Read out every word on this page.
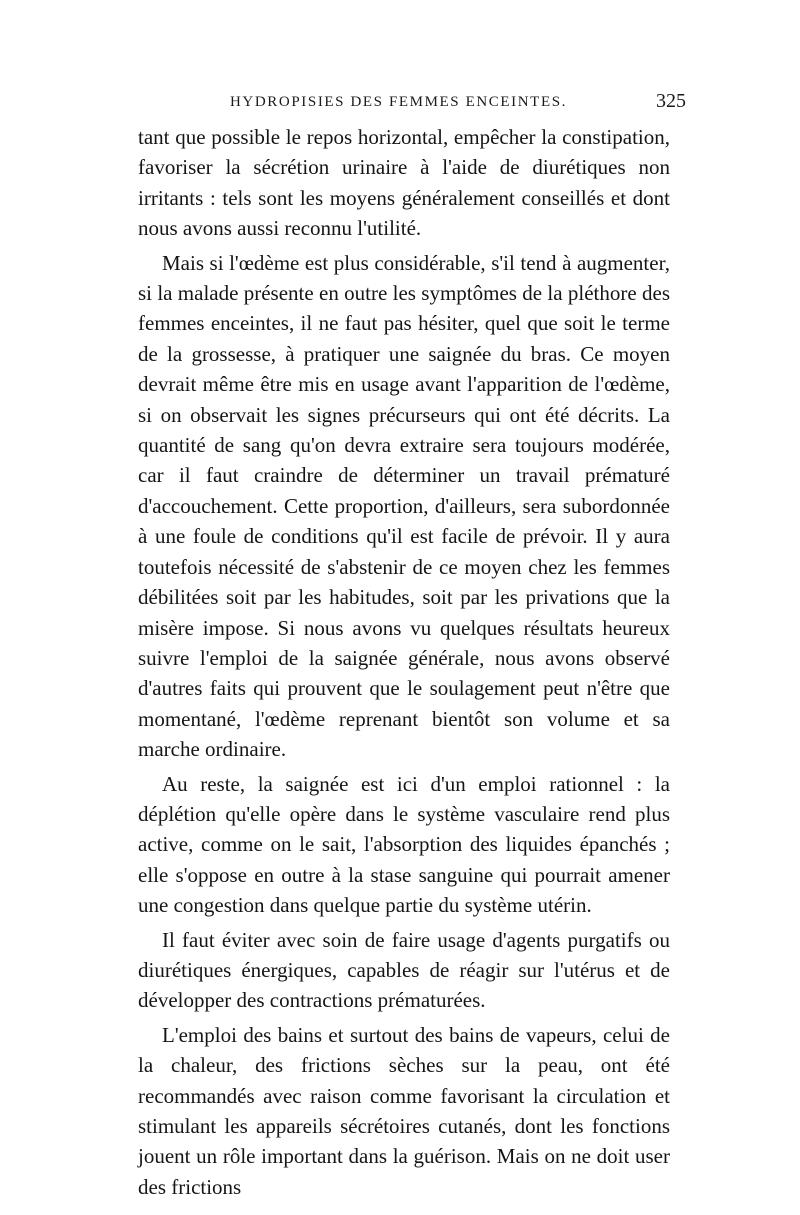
HYDROPISIES DES FEMMES ENCEINTES.	325

tant que possible le repos horizontal, empêcher la constipation, favoriser la sécrétion urinaire à l'aide de diurétiques non irritants : tels sont les moyens généralement conseillés et dont nous avons aussi reconnu l'utilité.

Mais si l'œdème est plus considérable, s'il tend à augmenter, si la malade présente en outre les symptômes de la pléthore des femmes enceintes, il ne faut pas hésiter, quel que soit le terme de la grossesse, à pratiquer une saignée du bras. Ce moyen devrait même être mis en usage avant l'apparition de l'œdème, si on observait les signes précurseurs qui ont été décrits. La quantité de sang qu'on devra extraire sera toujours modérée, car il faut craindre de déterminer un travail prématuré d'accouchement. Cette proportion, d'ailleurs, sera subordonnée à une foule de conditions qu'il est facile de prévoir. Il y aura toutefois nécessité de s'abstenir de ce moyen chez les femmes débilitées soit par les habitudes, soit par les privations que la misère impose. Si nous avons vu quelques résultats heureux suivre l'emploi de la saignée générale, nous avons observé d'autres faits qui prouvent que le soulagement peut n'être que momentané, l'œdème reprenant bientôt son volume et sa marche ordinaire.

Au reste, la saignée est ici d'un emploi rationnel : la déplétion qu'elle opère dans le système vasculaire rend plus active, comme on le sait, l'absorption des liquides épanchés ; elle s'oppose en outre à la stase sanguine qui pourrait amener une congestion dans quelque partie du système utérin.

Il faut éviter avec soin de faire usage d'agents purgatifs ou diurétiques énergiques, capables de réagir sur l'utérus et de développer des contractions prématurées.

L'emploi des bains et surtout des bains de vapeurs, celui de la chaleur, des frictions sèches sur la peau, ont été recommandés avec raison comme favorisant la circulation et stimulant les appareils sécrétoires cutanés, dont les fonctions jouent un rôle important dans la guérison. Mais on ne doit user des frictions
